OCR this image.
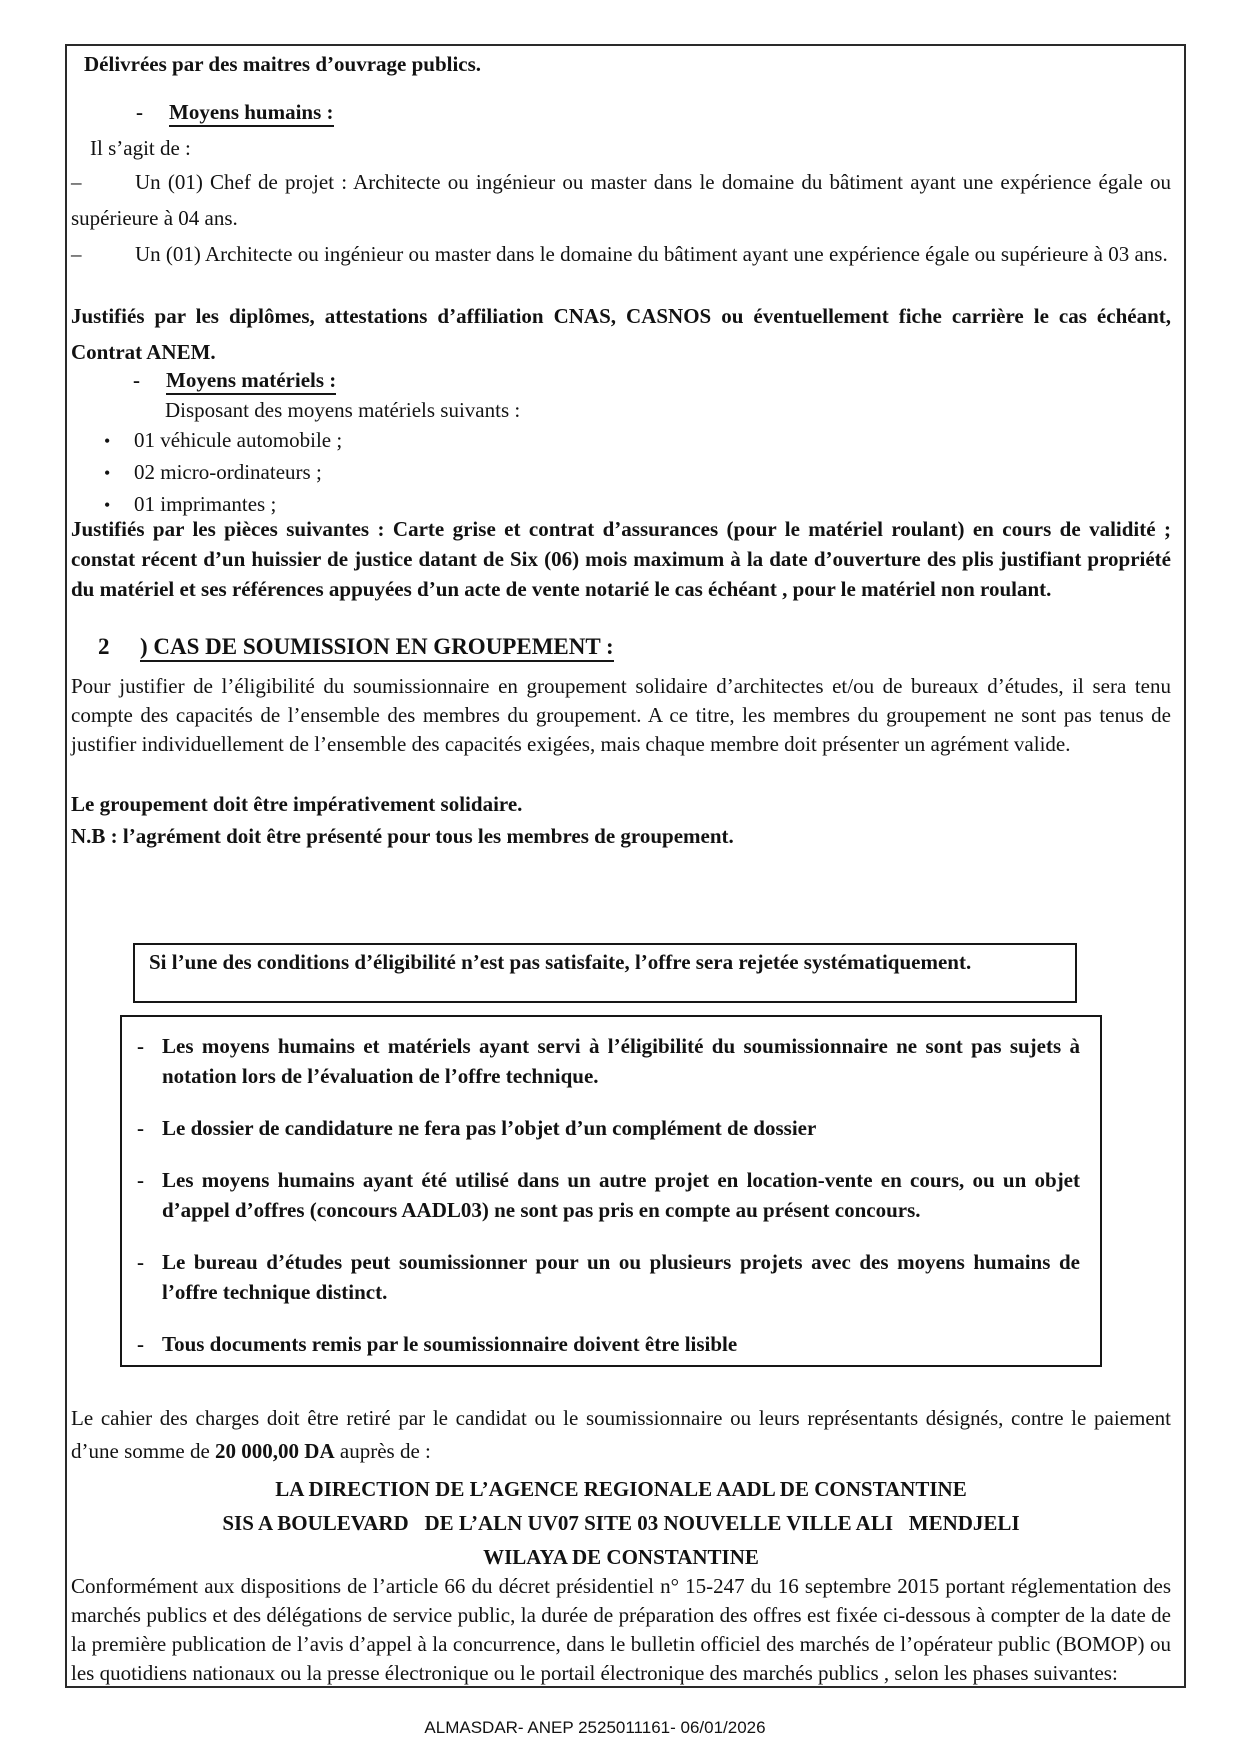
Délivrées par des maitres d’ouvrage publics.
- Moyens humains :
Il s’agit de :
–	Un (01) Chef de projet : Architecte ou ingénieur ou master dans le domaine du bâtiment ayant une expérience égale ou supérieure à 04 ans.
–	Un (01) Architecte ou ingénieur ou master dans le domaine du bâtiment ayant une expérience égale ou supérieure à 03 ans.
Justifiés par les diplômes, attestations d’affiliation CNAS, CASNOS ou éventuellement fiche carrière le cas échéant, Contrat ANEM.
- Moyens matériels :
Disposant des moyens matériels suivants :
• 01 véhicule automobile ;
• 02 micro-ordinateurs ;
• 01 imprimantes ;
Justifiés par les pièces suivantes : Carte grise et contrat d’assurances (pour le matériel roulant) en cours de validité ; constat récent d’un huissier de justice datant de Six (06) mois maximum à la date d’ouverture des plis justifiant propriété du matériel et ses références appuyées d’un acte de vente notarié le cas échéant , pour le matériel non roulant.
2 ) CAS DE SOUMISSION EN GROUPEMENT :
Pour justifier de l’éligibilité du soumissionnaire en groupement solidaire d’architectes et/ou de bureaux d’études, il sera tenu compte des capacités de l’ensemble des membres du groupement. A ce titre, les membres du groupement ne sont pas tenus de justifier individuellement de l’ensemble des capacités exigées, mais chaque membre doit présenter un agrément valide.
Le groupement doit être impérativement solidaire.
N.B : l’agrément doit être présenté pour tous les membres de groupement.
Si l’une des conditions d’éligibilité n’est pas satisfaite, l’offre sera rejetée systématiquement.
- Les moyens humains et matériels ayant servi à l’éligibilité du soumissionnaire ne sont pas sujets à notation lors de l’évaluation de l’offre technique.
- Le dossier de candidature ne fera pas l’objet d’un complément de dossier
- Les moyens humains ayant été utilisé dans un autre projet en location-vente en cours, ou un objet d’appel d’offres (concours AADL03) ne sont pas pris en compte au présent concours.
- Le bureau d’études peut soumissionner pour un ou plusieurs projets avec des moyens humains de l’offre technique distinct.
- Tous documents remis par le soumissionnaire doivent être lisible
Le cahier des charges doit être retiré par le candidat ou le soumissionnaire ou leurs représentants désignés, contre le paiement d’une somme de 20 000,00 DA auprès de :
LA DIRECTION DE L’AGENCE REGIONALE AADL DE CONSTANTINE
SIS A BOULEVARD   DE L’ALN UV07 SITE 03 NOUVELLE VILLE ALI   MENDJELI
WILAYA DE CONSTANTINE
Conformément aux dispositions de l’article 66 du décret présidentiel n° 15-247 du 16 septembre 2015 portant réglementation des marchés publics et des délégations de service public, la durée de préparation des offres est fixée ci-dessous à compter de la date de la première publication de l’avis d’appel à la concurrence, dans le bulletin officiel des marchés de l’opérateur public (BOMOP) ou les quotidiens nationaux ou la presse électronique ou le portail électronique des marchés publics , selon les phases suivantes:
ALMASDAR- ANEP 2525011161- 06/01/2026
